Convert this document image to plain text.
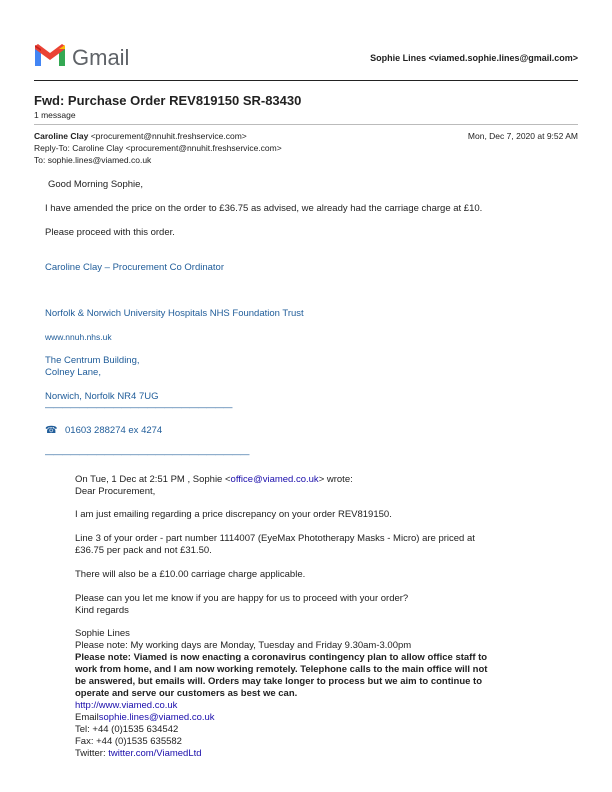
Gmail	Sophie Lines <viamed.sophie.lines@gmail.com>
Fwd: Purchase Order REV819150 SR-83430
1 message
Caroline Clay <procurement@nnuhit.freshservice.com>	Mon, Dec 7, 2020 at 9:52 AM
Reply-To: Caroline Clay <procurement@nnuhit.freshservice.com>
To: sophie.lines@viamed.co.uk
Good Morning Sophie,
I have amended the price on the order to £36.75 as advised, we already had the carriage charge at £10.
Please proceed with this order.
Caroline Clay – Procurement Co Ordinator
Norfolk & Norwich University Hospitals NHS Foundation Trust
www.nnuh.nhs.uk
The Centrum Building,
Colney Lane,
Norwich, Norfolk NR4 7UG
——————————————————————
☎ 01603 288274 ex 4274
————————————————————————
On Tue, 1 Dec at 2:51 PM , Sophie <office@viamed.co.uk> wrote:
Dear Procurement,
I am just emailing regarding a price discrepancy on your order REV819150.
Line 3 of your order - part number 1114007 (EyeMax Phototherapy Masks - Micro) are priced at
£36.75 per pack and not £31.50.
There will also be a £10.00 carriage charge applicable.
Please can you let me know if you are happy for us to proceed with your order?
Kind regards
Sophie Lines
Please note: My working days are Monday, Tuesday and Friday 9.30am-3.00pm
Please note: Viamed is now enacting a coronavirus contingency plan to allow office staff to
work from home, and I am now working remotely. Telephone calls to the main office will not
be answered, but emails will. Orders may take longer to process but we aim to continue to
operate and serve our customers as best we can.
http://www.viamed.co.uk
Emailsophie.lines@viamed.co.uk
Tel: +44 (0)1535 634542
Fax: +44 (0)1535 635582
Twitter: twitter.com/ViamedLtd
